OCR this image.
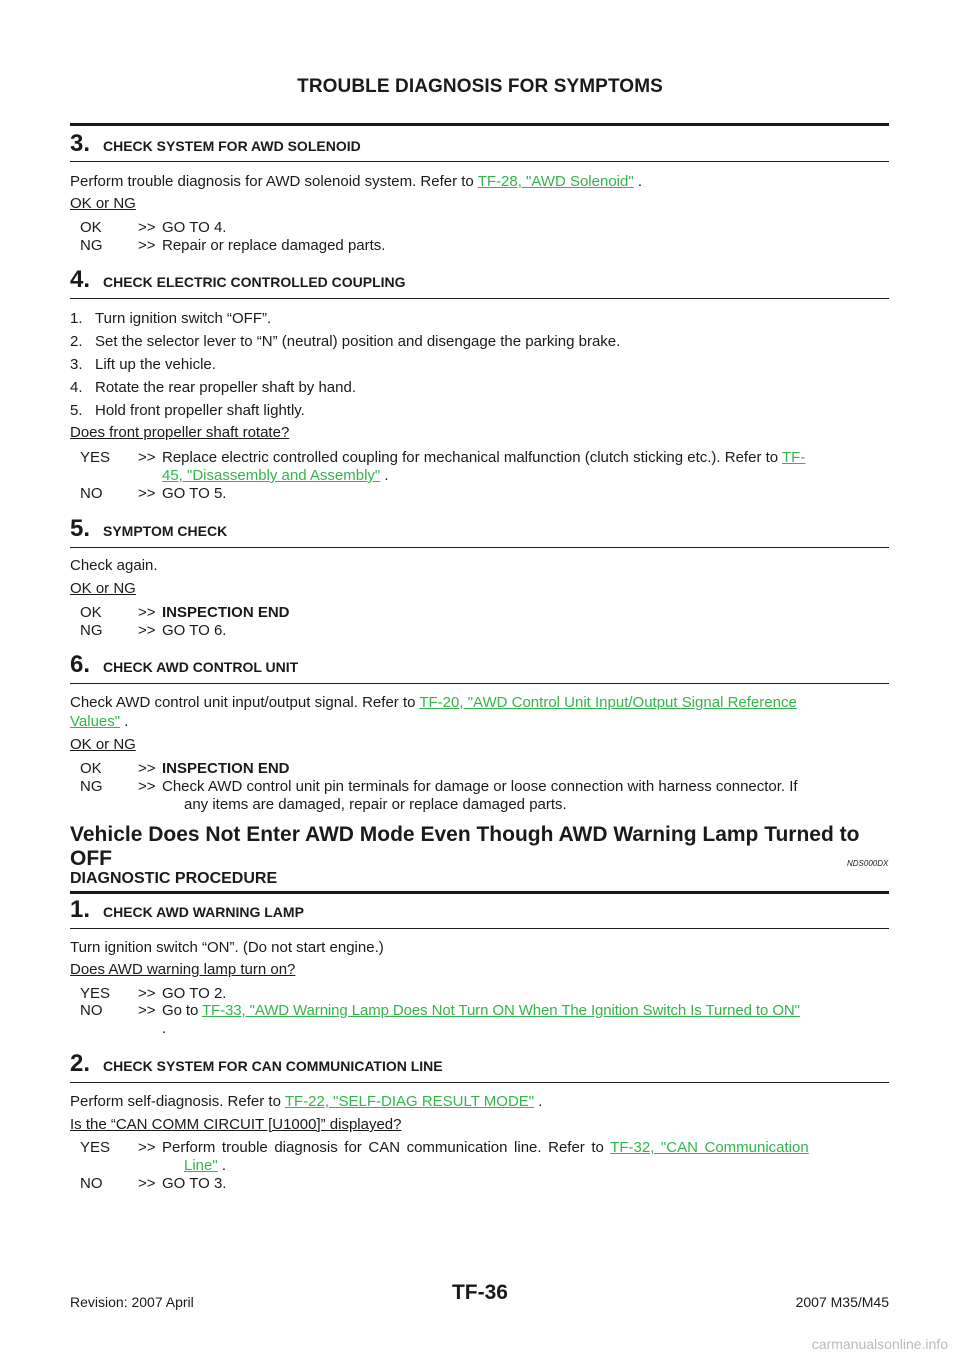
TROUBLE DIAGNOSIS FOR SYMPTOMS
3. CHECK SYSTEM FOR AWD SOLENOID
Perform trouble diagnosis for AWD solenoid system. Refer to TF-28, "AWD Solenoid" .
OK or NG
OK >> GO TO 4.
NG >> Repair or replace damaged parts.
4. CHECK ELECTRIC CONTROLLED COUPLING
1.   Turn ignition switch “OFF”.
2.   Set the selector lever to “N” (neutral) position and disengage the parking brake.
3.   Lift up the vehicle.
4.   Rotate the rear propeller shaft by hand.
5.   Hold front propeller shaft lightly.
Does front propeller shaft rotate?
YES >> Replace electric controlled coupling for mechanical malfunction (clutch sticking etc.). Refer to TF-
45, "Disassembly and Assembly" .
NO >> GO TO 5.
5. SYMPTOM CHECK
Check again.
OK or NG
OK >> INSPECTION END
NG >> GO TO 6.
6. CHECK AWD CONTROL UNIT
Check AWD control unit input/output signal. Refer to TF-20, "AWD Control Unit Input/Output Signal Reference
Values" .
OK or NG
OK >> INSPECTION END
NG >> Check AWD control unit pin terminals for damage or loose connection with harness connector. If
any items are damaged, repair or replace damaged parts.
Vehicle Does Not Enter AWD Mode Even Though AWD Warning Lamp Turned to
OFF	NDS000DX
DIAGNOSTIC PROCEDURE
1. CHECK AWD WARNING LAMP
Turn ignition switch “ON”. (Do not start engine.)
Does AWD warning lamp turn on?
YES >> GO TO 2.
NO >> Go to TF-33, "AWD Warning Lamp Does Not Turn ON When The Ignition Switch Is Turned to ON"
.
2. CHECK SYSTEM FOR CAN COMMUNICATION LINE
Perform self-diagnosis. Refer to TF-22, "SELF-DIAG RESULT MODE" .
Is the “CAN COMM CIRCUIT [U1000]” displayed?
YES >> Perform trouble diagnosis for CAN communication line. Refer to TF-32, "CAN Communication
Line" .
NO >> GO TO 3.
Revision: 2007 April	TF-36	2007 M35/M45
carmanualsonline.info
